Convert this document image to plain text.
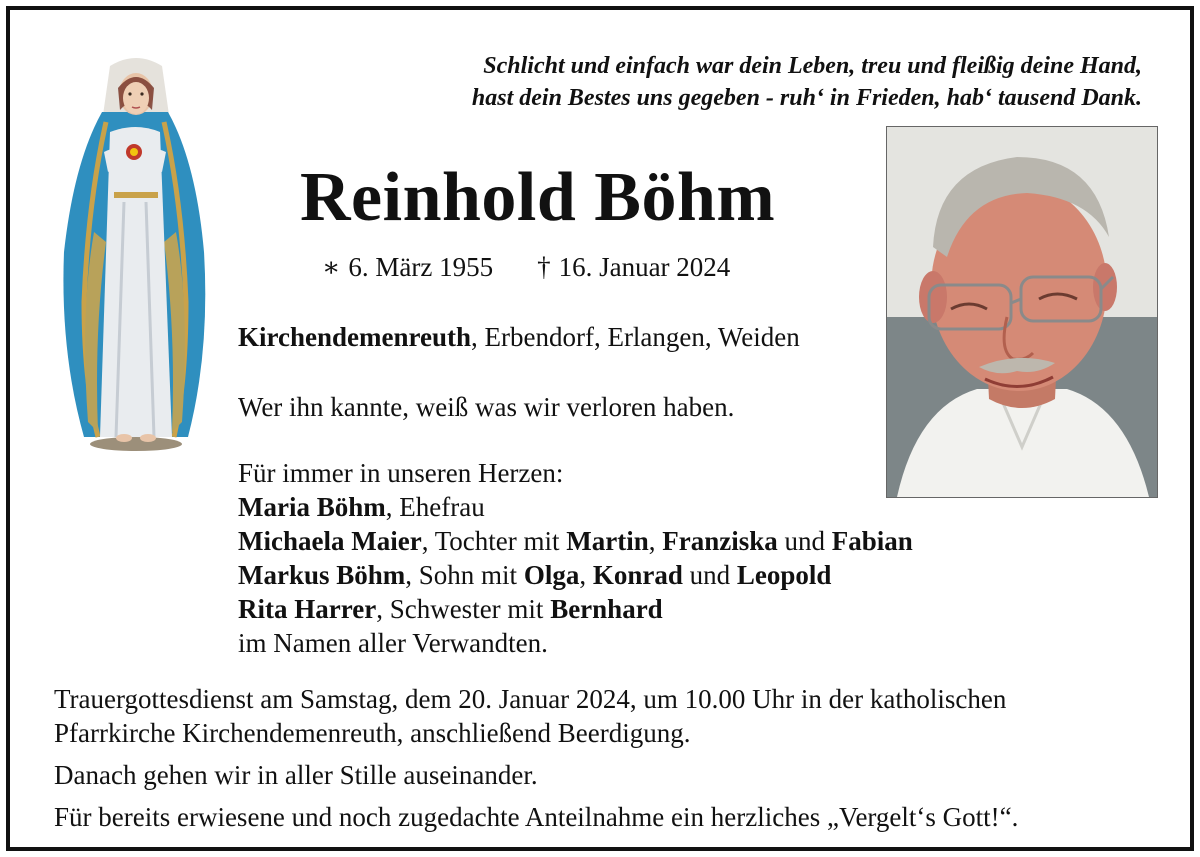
Schlicht und einfach war dein Leben, treu und fleißig deine Hand,
hast dein Bestes uns gegeben - ruh‘ in Frieden, hab‘ tausend Dank.
Reinhold Böhm
∗ 6. März 1955 † 16. Januar 2024
Kirchendemenreuth, Erbendorf, Erlangen, Weiden
Wer ihn kannte, weiß was wir verloren haben.
Für immer in unseren Herzen:
Maria Böhm, Ehefrau
Michaela Maier, Tochter mit Martin, Franziska und Fabian
Markus Böhm, Sohn mit Olga, Konrad und Leopold
Rita Harrer, Schwester mit Bernhard
im Namen aller Verwandten.
Trauergottesdienst am Samstag, dem 20. Januar 2024, um 10.00 Uhr in der katholischen
Pfarrkirche Kirchendemenreuth, anschließend Beerdigung.
Danach gehen wir in aller Stille auseinander.
Für bereits erwiesene und noch zugedachte Anteilnahme ein herzliches „Vergelt‘s Gott!“.
